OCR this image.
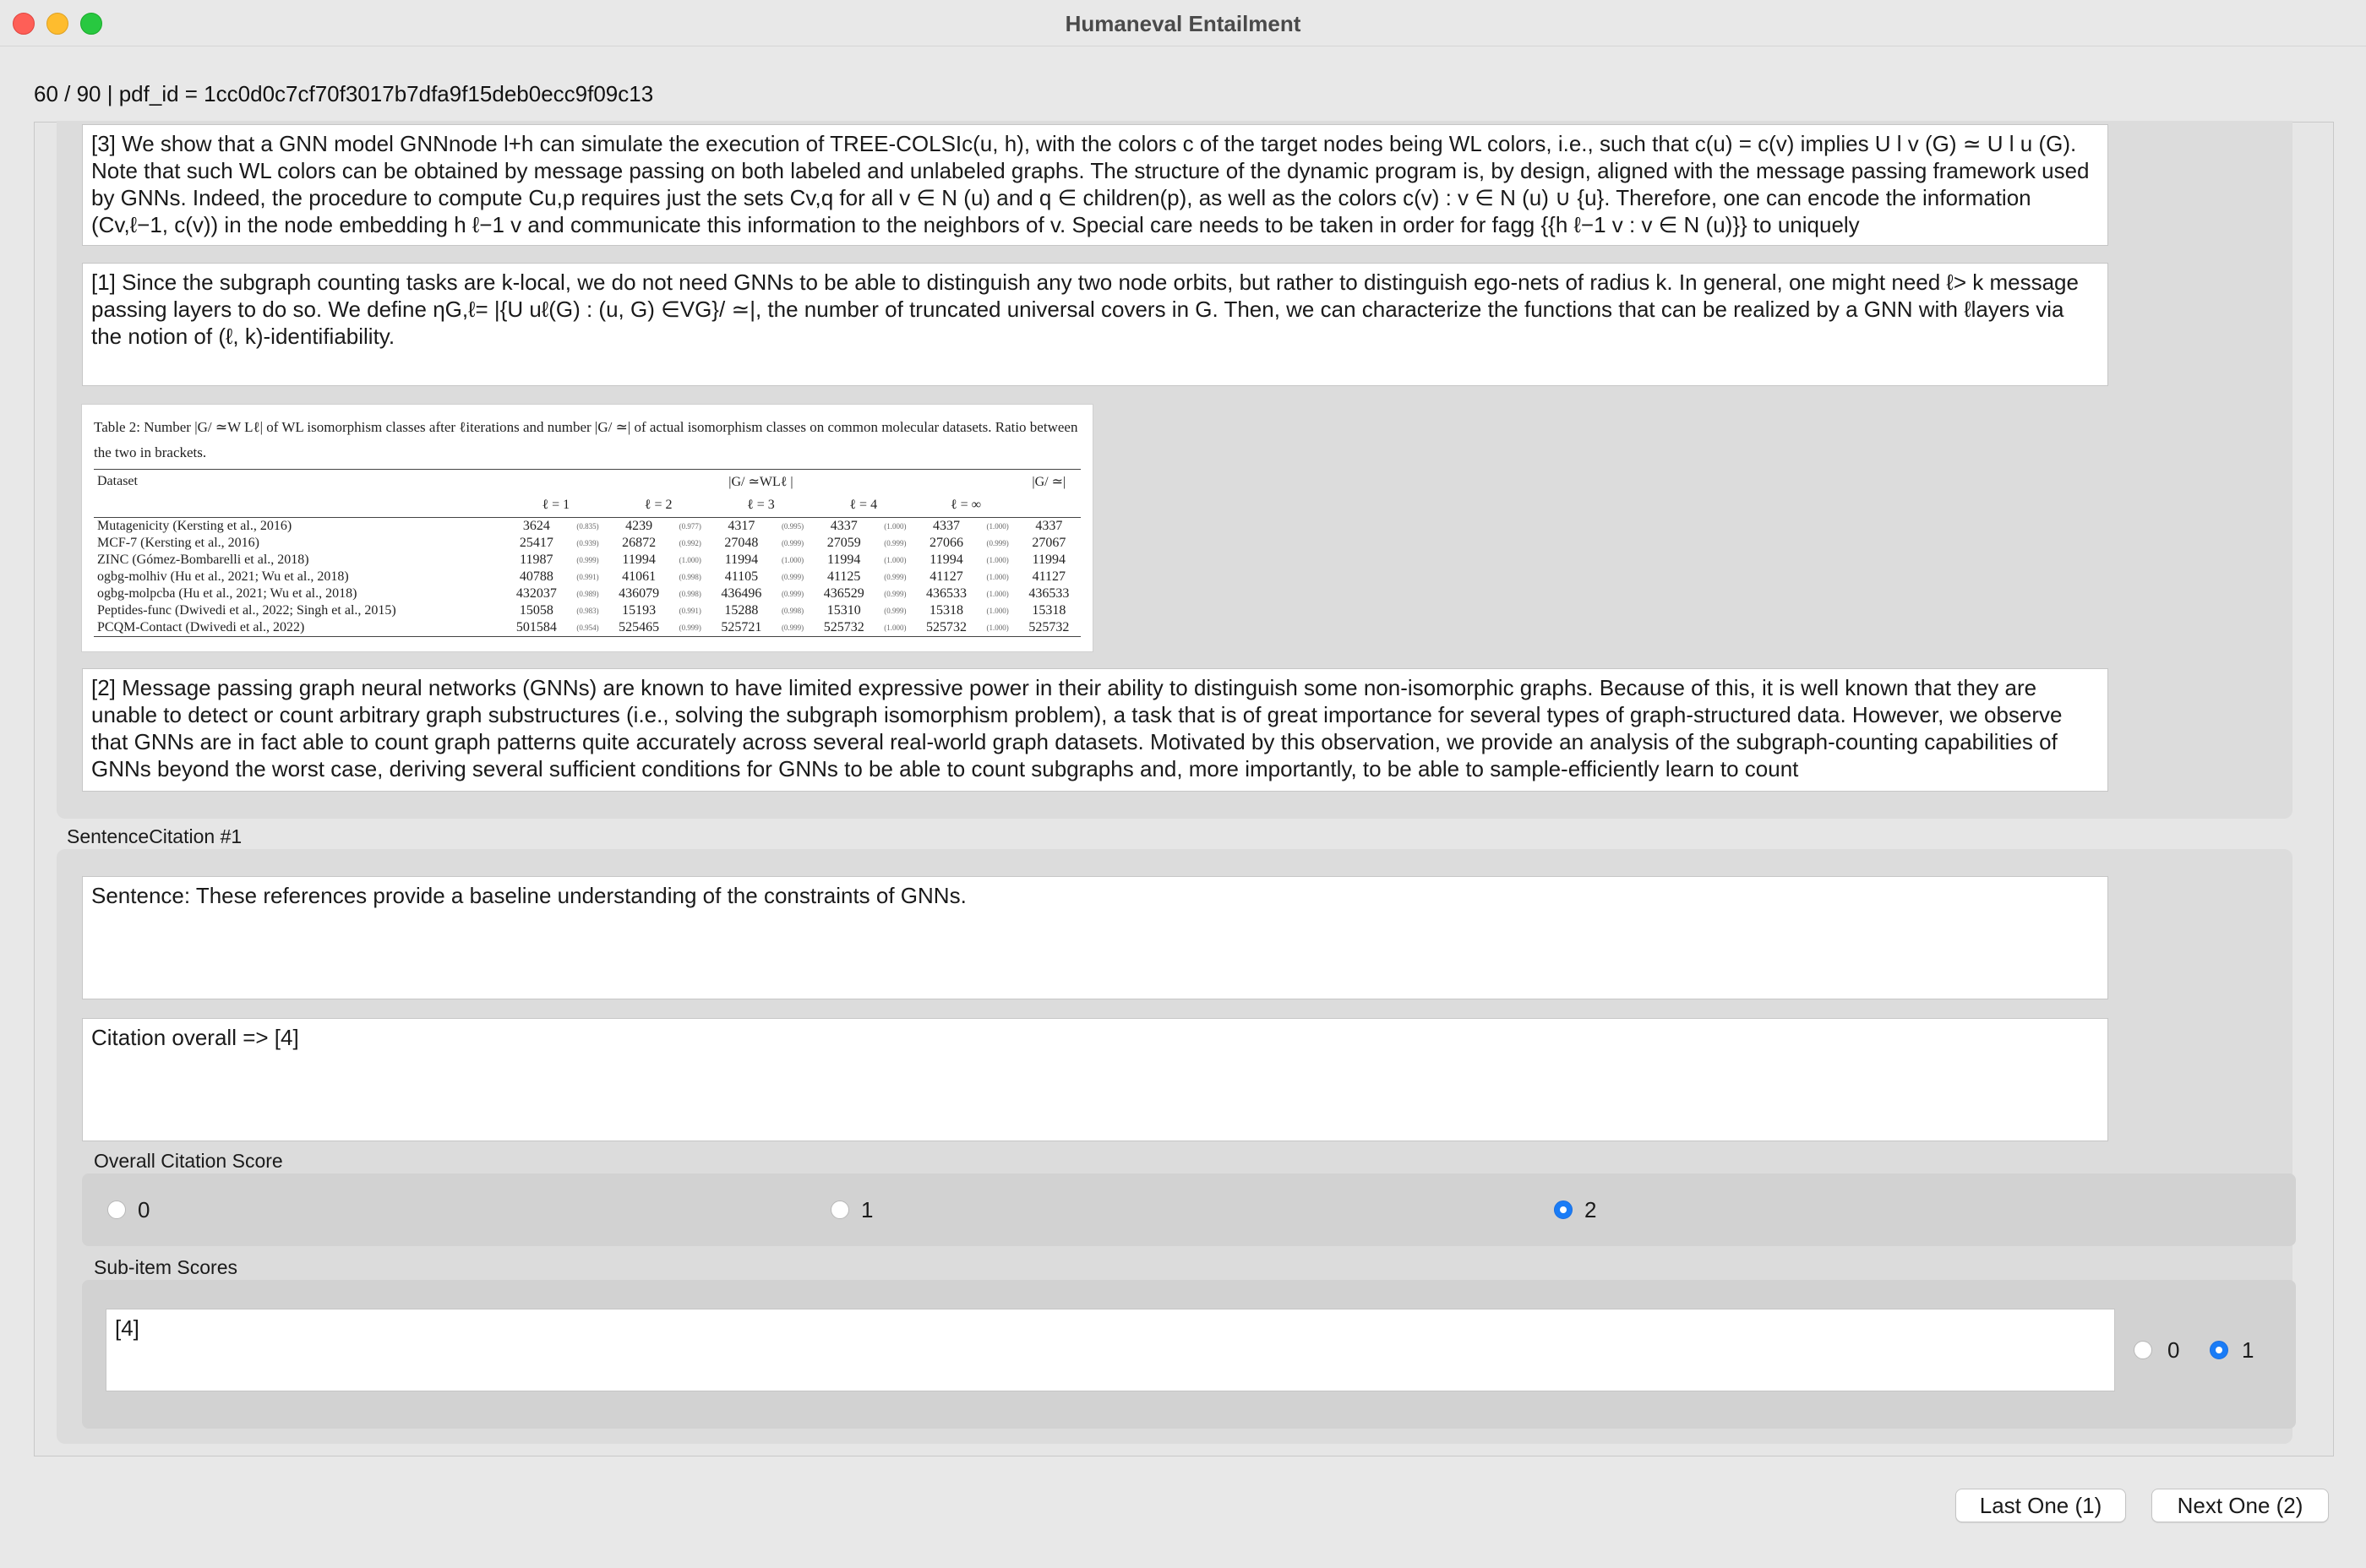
Humaneval Entailment
60 / 90 | pdf_id = 1cc0d0c7cf70f3017b7dfa9f15deb0ecc9f09c13
[3] We show that a GNN model GNNnode l+h can simulate the execution of TREE-COLSIc(u, h), with the colors c of the target nodes being WL colors, i.e., such that c(u) = c(v) implies U l v (G) ≃ U l u (G). Note that such WL colors can be obtained by message passing on both labeled and unlabeled graphs. The structure of the dynamic program is, by design, aligned with the message passing framework used by GNNs. Indeed, the procedure to compute Cu,p requires just the sets Cv,q for all v ∈ N (u) and q ∈ children(p), as well as the colors c(v) : v ∈ N (u) ∪ {u}. Therefore, one can encode the information (Cv,ℓ−1, c(v)) in the node embedding h ℓ−1 v and communicate this information to the neighbors of v. Special care needs to be taken in order for fagg {{h ℓ−1 v : v ∈ N (u)}} to uniquely
[1] Since the subgraph counting tasks are k-local, we do not need GNNs to be able to distinguish any two node orbits, but rather to distinguish ego-nets of radius k. In general, one might need ℓ> k message passing layers to do so. We define ηG,ℓ= |{U uℓ(G) : (u, G) ∈VG}/ ≃|, the number of truncated universal covers in G. Then, we can characterize the functions that can be realized by a GNN with ℓlayers via the notion of (ℓ, k)-identifiability.
[2] Message passing graph neural networks (GNNs) are known to have limited expressive power in their ability to distinguish some non-isomorphic graphs. Because of this, it is well known that they are unable to detect or count arbitrary graph substructures (i.e., solving the subgraph isomorphism problem), a task that is of great importance for several types of graph-structured data. However, we observe that GNNs are in fact able to count graph patterns quite accurately across several real-world graph datasets. Motivated by this observation, we provide an analysis of the subgraph-counting capabilities of GNNs beyond the worst case, deriving several sufficient conditions for GNNs to be able to count subgraphs and, more importantly, to be able to sample-efficiently learn to count
SentenceCitation #1
Sentence: These references provide a baseline understanding of the constraints of GNNs.
Citation overall => [4]
Overall Citation Score
0	1	2
Sub-item Scores
[4]
0	1
Table 2: Number |G/ ≃W Lℓ| of WL isomorphism classes after ℓiterations and number |G/ ≃| of actual isomorphism classes on common molecular datasets. Ratio between the two in brackets.
Dataset	|G/ ≃WLℓ |										|G/ ≃|
	ℓ = 1		ℓ = 2		ℓ = 3		ℓ = 4		ℓ = ∞		
Mutagenicity (Kersting et al., 2016)	3624	(0.835)	4239	(0.977)	4317	(0.995)	4337	(1.000)	4337	(1.000)	4337
MCF-7 (Kersting et al., 2016)	25417	(0.939)	26872	(0.992)	27048	(0.999)	27059	(0.999)	27066	(0.999)	27067
ZINC (Gómez-Bombarelli et al., 2018)	11987	(0.999)	11994	(1.000)	11994	(1.000)	11994	(1.000)	11994	(1.000)	11994
ogbg-molhiv (Hu et al., 2021; Wu et al., 2018)	40788	(0.991)	41061	(0.998)	41105	(0.999)	41125	(0.999)	41127	(1.000)	41127
ogbg-molpcba (Hu et al., 2021; Wu et al., 2018)	432037	(0.989)	436079	(0.998)	436496	(0.999)	436529	(0.999)	436533	(1.000)	436533
Peptides-func (Dwivedi et al., 2022; Singh et al., 2015)	15058	(0.983)	15193	(0.991)	15288	(0.998)	15310	(0.999)	15318	(1.000)	15318
PCQM-Contact (Dwivedi et al., 2022)	501584	(0.954)	525465	(0.999)	525721	(0.999)	525732	(1.000)	525732	(1.000)	525732
Last One (1)	Next One (2)
